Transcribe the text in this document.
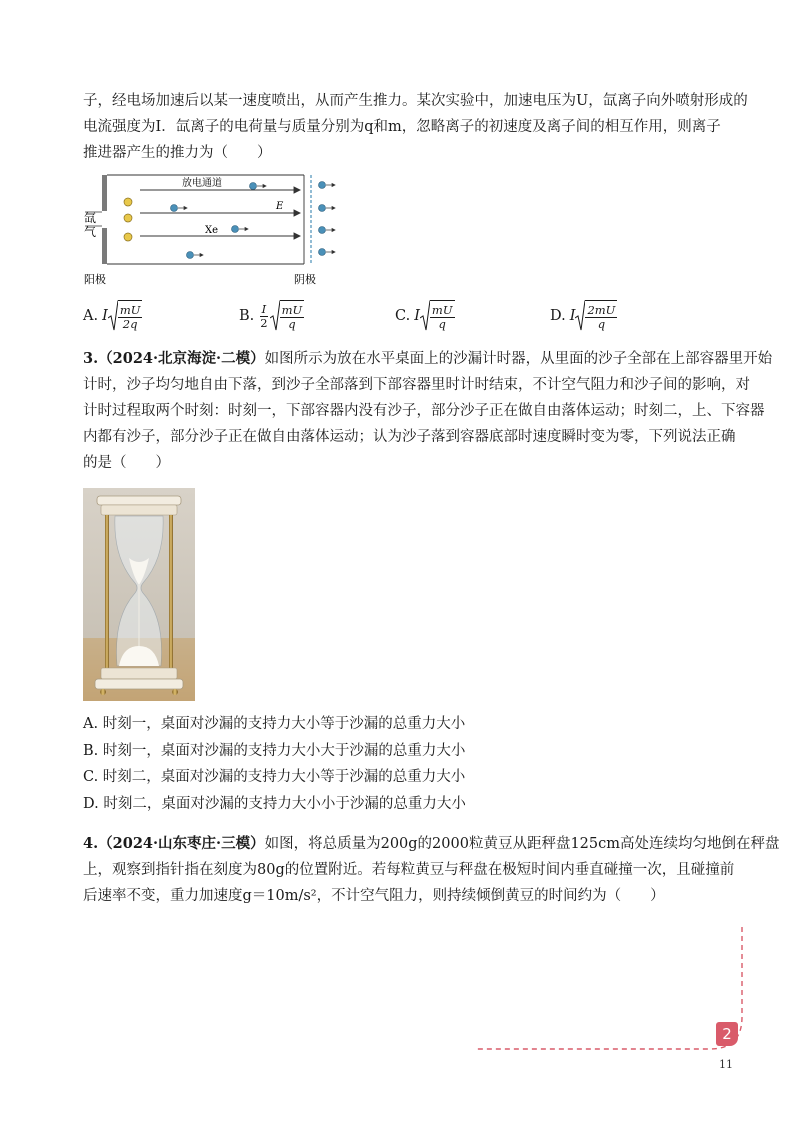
子，经电场加速后以某一速度喷出，从而产生推力。某次实验中，加速电压为U，氙离子向外喷射形成的

电流强度为I．氙离子的电荷量与质量分别为q和m，忽略离子的初速度及离子间的相互作用，则离子

推进器产生的推力为（　　）

氙
气
放电通道
E
Xe
阳极	阴极
A. I $\frac{mU}{2q}$	B. $\frac{I}{2} \frac{mU}{q}$	C. I $\frac{mU}{q}$	D. I $\frac{2mU}{q}$

3.（2024·北京海淀·二模）如图所示为放在水平桌面上的沙漏计时器，从里面的沙子全部在上部容器里开始

计时，沙子均匀地自由下落，到沙子全部落到下部容器里时计时结束，不计空气阻力和沙子间的影响，对

计时过程取两个时刻：时刻一，下部容器内没有沙子，部分沙子正在做自由落体运动；时刻二，上、下容器

内都有沙子，部分沙子正在做自由落体运动；认为沙子落到容器底部时速度瞬时变为零，下列说法正确

的是（　　）

A. 时刻一，桌面对沙漏的支持力大小等于沙漏的总重力大小

B. 时刻一，桌面对沙漏的支持力大小大于沙漏的总重力大小

C. 时刻二，桌面对沙漏的支持力大小等于沙漏的总重力大小

D. 时刻二，桌面对沙漏的支持力大小小于沙漏的总重力大小

4.（2024·山东枣庄·三模）如图，将总质量为200g的2000粒黄豆从距秤盘125cm高处连续均匀地倒在秤盘

上，观察到指针指在刻度为80g的位置附近。若每粒黄豆与秤盘在极短时间内垂直碰撞一次，且碰撞前

后速率不变，重力加速度g＝10m/s²，不计空气阻力，则持续倾倒黄豆的时间约为（　　）

2
11
